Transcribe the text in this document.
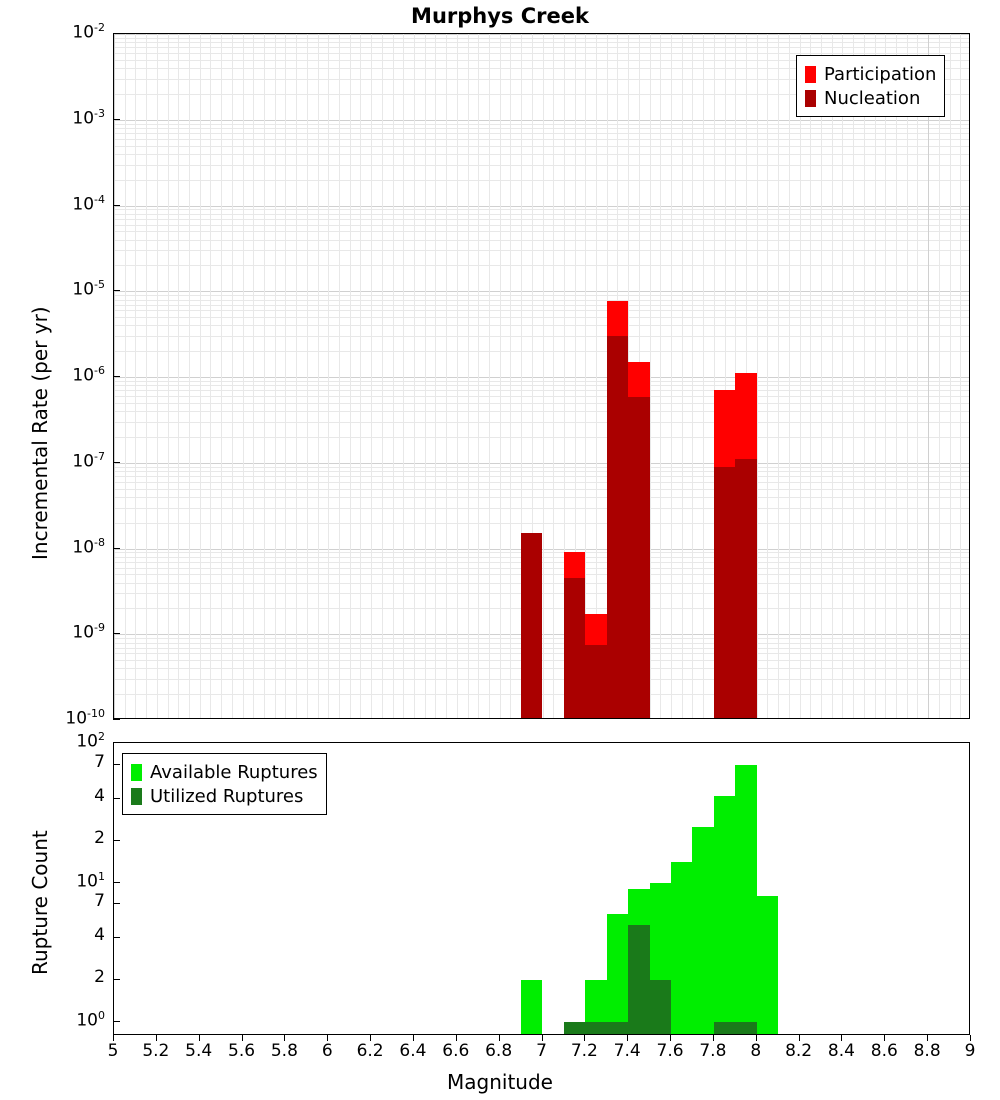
Murphys Creek
Incremental Rate (per yr)
Rupture Count
Magnitude
Participation
Nucleation
Available Ruptures
Utilized Ruptures
$10^{-10}$
$10^{-9}$
$10^{-8}$
$10^{-7}$
$10^{-6}$
$10^{-5}$
$10^{-4}$
$10^{-3}$
$10^{-2}$
$10^0$
2
4
7
$10^1$
2
4
7
$10^2$
5	5.2 5.4 5.6 5.8	6	6.2 6.4 6.6 6.8	7	7.2 7.4 7.6 7.8	8	8.2 8.4 8.6 8.8	9
